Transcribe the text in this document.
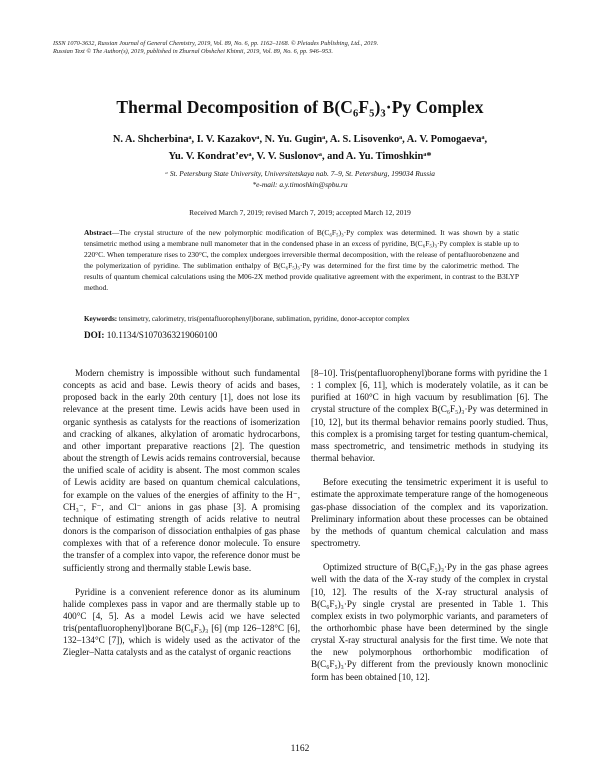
ISSN 1070-3632, Russian Journal of General Chemistry, 2019, Vol. 89, No. 6, pp. 1162–1168. © Pleiades Publishing, Ltd., 2019.
Russian Text © The Author(s), 2019, published in Zhurnal Obshchei Khimii, 2019, Vol. 89, No. 6, pp. 946–953.
Thermal Decomposition of B(C₆F₅)₃·Py Complex
N. A. Shcherbinaᵃ, I. V. Kazakovᵃ, N. Yu. Guginᵃ, A. S. Lisovenkoᵃ, A. V. Pomogaevaᵃ,
Yu. V. Kondrat’evᵃ, V. V. Suslonovᵃ, and A. Yu. Timoshkinᵃ*
ᵃ St. Petersburg State University, Universitetskaya nab. 7–9, St. Petersburg, 199034 Russia
*e-mail: a.y.timoshkin@spbu.ru
Received March 7, 2019; revised March 7, 2019; accepted March 12, 2019
Abstract—The crystal structure of the new polymorphic modification of B(C₆F₅)₃·Py complex was determined. It was shown by a static tensimetric method using a membrane null manometer that in the condensed phase in an excess of pyridine, B(C₆F₅)₃·Py complex is stable up to 220°C. When temperature rises to 230°C, the complex undergoes irreversible thermal decomposition, with the release of pentafluorobenzene and the polymerization of pyridine. The sublimation enthalpy of B(C₆F₅)₃·Py was determined for the first time by the calorimetric method. The results of quantum chemical calculations using the M06-2X method provide qualitative agreement with the experiment, in contrast to the B3LYP method.
Keywords: tensimetry, calorimetry, tris(pentafluorophenyl)borane, sublimation, pyridine, donor-acceptor complex
DOI: 10.1134/S1070363219060100

Modern chemistry is impossible without such fundamental concepts as acid and base. Lewis theory of acids and bases, proposed back in the early 20th century [1], does not lose its relevance at the present time. Lewis acids have been used in organic synthesis as catalysts for the reactions of isomerization and cracking of alkanes, alkylation of aromatic hydrocarbons, and other important preparative reactions [2]. The question about the strength of Lewis acids remains controversial, because the unified scale of acidity is absent. The most common scales of Lewis acidity are based on quantum chemical calculations, for example on the values of the energies of affinity to the H⁻, CH₃⁻, F⁻, and Cl⁻ anions in gas phase [3]. A promising technique of estimating strength of acids relative to neutral donors is the comparison of dissociation enthalpies of gas phase complexes with that of a reference donor molecule. To ensure the transfer of a complex into vapor, the reference donor must be sufficiently strong and thermally stable Lewis base.

Pyridine is a convenient reference donor as its aluminum halide complexes pass in vapor and are thermally stable up to 400°C [4, 5]. As a model Lewis acid we have selected tris(pentafluorophenyl)borane B(C₆F₅)₃ [6] (mp 126–128°C [6], 132–134°C [7]), which is widely used as the activator of the Ziegler–Natta catalysts and as the catalyst of organic reactions

[8–10]. Tris(pentafluorophenyl)borane forms with pyridine the 1 : 1 complex [6, 11], which is moderately volatile, as it can be purified at 160°C in high vacuum by resublimation [6]. The crystal structure of the complex B(C₆F₅)₃·Py was determined in [10, 12], but its thermal behavior remains poorly studied. Thus, this complex is a promising target for testing quantum-chemical, mass spectrometric, and tensimetric methods in studying its thermal behavior.

Before executing the tensimetric experiment it is useful to estimate the approximate temperature range of the homogeneous gas-phase dissociation of the complex and its vaporization. Preliminary information about these processes can be obtained by the methods of quantum chemical calculation and mass spectrometry.

Optimized structure of B(C₆F₅)₃·Py in the gas phase agrees well with the data of the X-ray study of the complex in crystal [10, 12]. The results of the X-ray structural analysis of B(C₆F₅)₃·Py single crystal are presented in Table 1. This complex exists in two polymorphic variants, and parameters of the orthorhombic phase have been determined by the single crystal X-ray structural analysis for the first time. We note that the new polymorphous orthorhombic modification of B(C₆F₅)₃·Py different from the previously known monoclinic form has been obtained [10, 12].

1162
